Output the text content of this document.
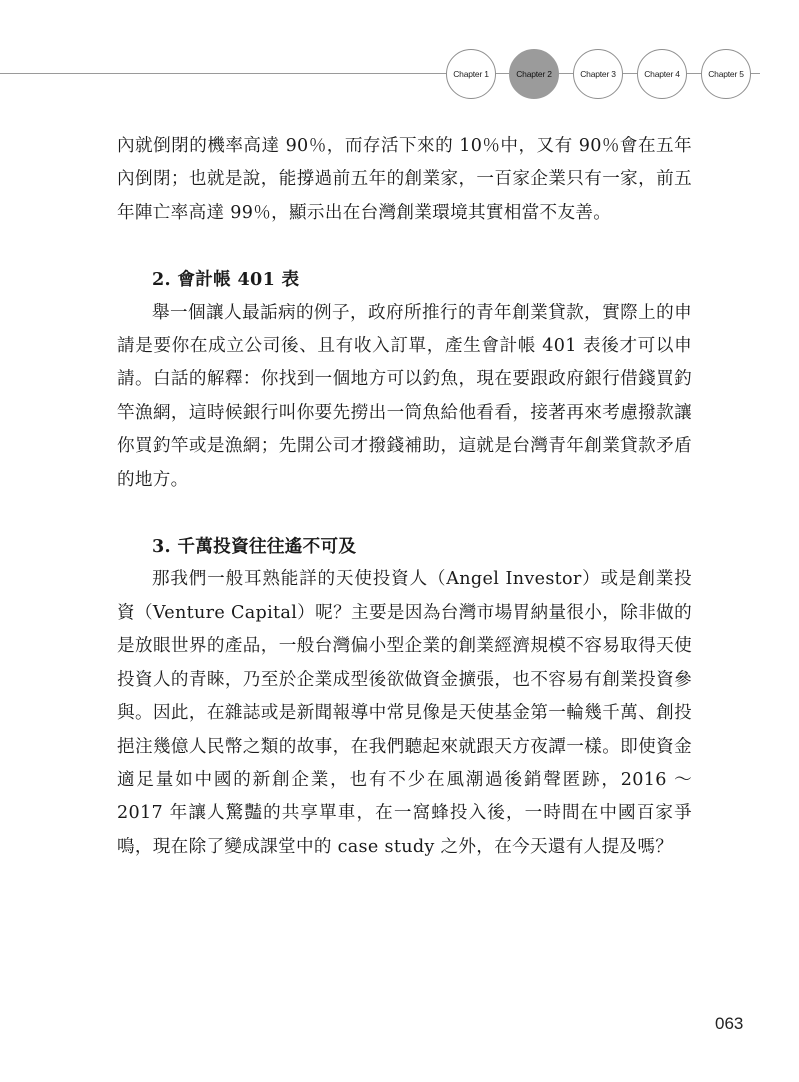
Chapter 1	Chapter 2	Chapter 3	Chapter 4	Chapter 5

內就倒閉的機率高達 90％，而存活下來的 10％中，又有 90％會在五年內倒閉；也就是說，能撐過前五年的創業家，一百家企業只有一家，前五年陣亡率高達 99％，顯示出在台灣創業環境其實相當不友善。

2. 會計帳 401 表

舉一個讓人最詬病的例子，政府所推行的青年創業貸款，實際上的申請是要你在成立公司後、且有收入訂單，產生會計帳 401 表後才可以申請。白話的解釋：你找到一個地方可以釣魚，現在要跟政府銀行借錢買釣竿漁網，這時候銀行叫你要先撈出一筒魚給他看看，接著再來考慮撥款讓你買釣竿或是漁網；先開公司才撥錢補助，這就是台灣青年創業貸款矛盾的地方。

3. 千萬投資往往遙不可及

那我們一般耳熟能詳的天使投資人（Angel Investor）或是創業投資（Venture Capital）呢？主要是因為台灣市場胃納量很小，除非做的是放眼世界的產品，一般台灣偏小型企業的創業經濟規模不容易取得天使投資人的青睞，乃至於企業成型後欲做資金擴張，也不容易有創業投資參與。因此，在雜誌或是新聞報導中常見像是天使基金第一輪幾千萬、創投挹注幾億人民幣之類的故事，在我們聽起來就跟天方夜譚一樣。即使資金適足量如中國的新創企業，也有不少在風潮過後銷聲匿跡，2016 ～ 2017 年讓人驚豔的共享單車，在一窩蜂投入後，一時間在中國百家爭鳴，現在除了變成課堂中的 case study 之外，在今天還有人提及嗎？

063
